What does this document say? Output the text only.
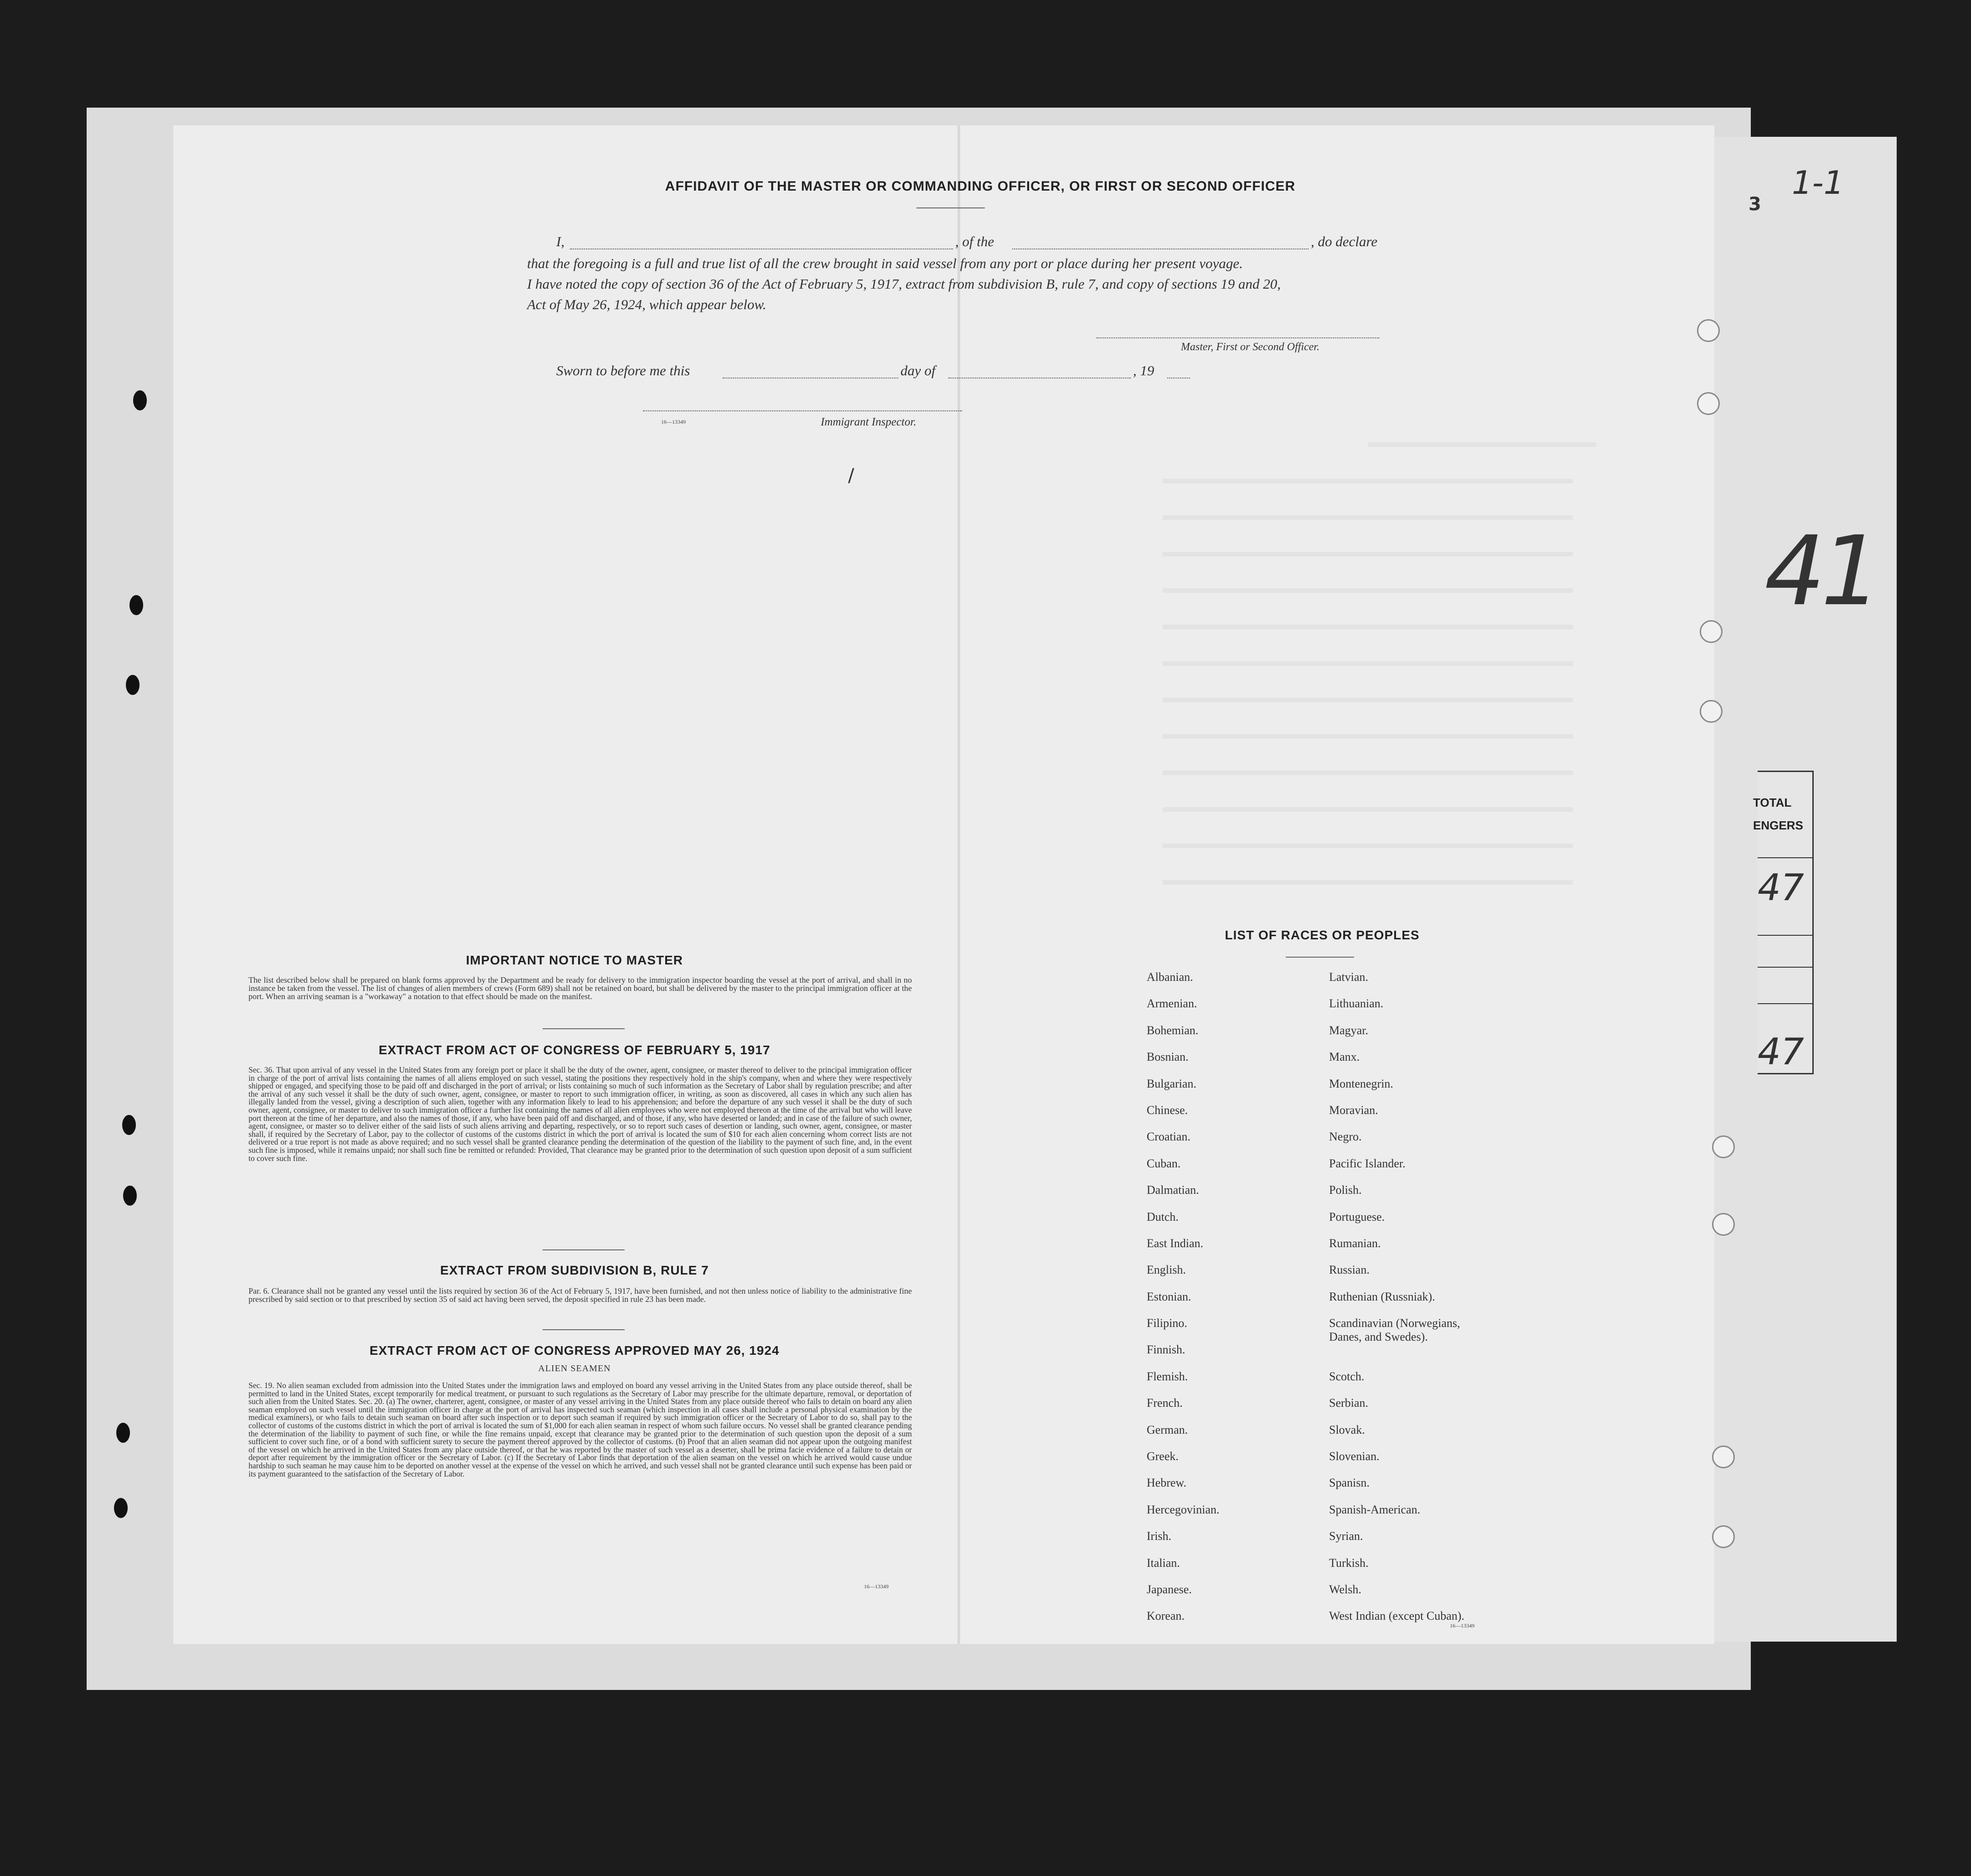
AFFIDAVIT OF THE MASTER OR COMMANDING OFFICER, OR FIRST OR SECOND OFFICER
I,	, of the	, do declare
that the foregoing is a full and true list of all the crew brought in said vessel from any port or place during her present voyage.
I have noted the copy of section 36 of the Act of February 5, 1917, extract from subdivision B, rule 7, and copy of sections 19 and 20,
Act of May 26, 1924, which appear below.
Master, First or Second Officer.
Sworn to before me this	day of	, 19
16—13349	Immigrant Inspector.
/
IMPORTANT NOTICE TO MASTER
The list described below shall be prepared on blank forms approved by the Department and be ready for delivery to the immigration inspector boarding the vessel at the port of arrival, and shall in no instance be taken from the vessel. The list of changes of alien members of crews (Form 689) shall not be retained on board, but shall be delivered by the master to the principal immigration officer at the port. When an arriving seaman is a "workaway" a notation to that effect should be made on the manifest.
EXTRACT FROM ACT OF CONGRESS OF FEBRUARY 5, 1917
Sec. 36. That upon arrival of any vessel in the United States from any foreign port or place it shall be the duty of the owner, agent, consignee, or master thereof to deliver to the principal immigration officer in charge of the port of arrival lists containing the names of all aliens employed on such vessel, stating the positions they respectively hold in the ship's company, when and where they were respectively shipped or engaged, and specifying those to be paid off and discharged in the port of arrival; or lists containing so much of such information as the Secretary of Labor shall by regulation prescribe; and after the arrival of any such vessel it shall be the duty of such owner, agent, consignee, or master to report to such immigration officer, in writing, as soon as discovered, all cases in which any such alien has illegally landed from the vessel, giving a description of such alien, together with any information likely to lead to his apprehension; and before the departure of any such vessel it shall be the duty of such owner, agent, consignee, or master to deliver to such immigration officer a further list containing the names of all alien employees who were not employed thereon at the time of the arrival but who will leave port thereon at the time of her departure, and also the names of those, if any, who have been paid off and discharged, and of those, if any, who have deserted or landed; and in case of the failure of such owner, agent, consignee, or master so to deliver either of the said lists of such aliens arriving and departing, respectively, or so to report such cases of desertion or landing, such owner, agent, consignee, or master shall, if required by the Secretary of Labor, pay to the collector of customs of the customs district in which the port of arrival is located the sum of $10 for each alien concerning whom correct lists are not delivered or a true report is not made as above required; and no such vessel shall be granted clearance pending the determination of the question of the liability to the payment of such fine, and, in the event such fine is imposed, while it remains unpaid; nor shall such fine be remitted or refunded: Provided, That clearance may be granted prior to the determination of such question upon deposit of a sum sufficient to cover such fine.
EXTRACT FROM SUBDIVISION B, RULE 7
Par. 6. Clearance shall not be granted any vessel until the lists required by section 36 of the Act of February 5, 1917, have been furnished, and not then unless notice of liability to the administrative fine prescribed by said section or to that prescribed by section 35 of said act having been served, the deposit specified in rule 23 has been made.
EXTRACT FROM ACT OF CONGRESS APPROVED MAY 26, 1924
ALIEN SEAMEN
Sec. 19. No alien seaman excluded from admission into the United States under the immigration laws and employed on board any vessel arriving in the United States from any place outside thereof, shall be permitted to land in the United States, except temporarily for medical treatment, or pursuant to such regulations as the Secretary of Labor may prescribe for the ultimate departure, removal, or deportation of such alien from the United States. Sec. 20. (a) The owner, charterer, agent, consignee, or master of any vessel arriving in the United States from any place outside thereof who fails to detain on board any alien seaman employed on such vessel until the immigration officer in charge at the port of arrival has inspected such seaman (which inspection in all cases shall include a personal physical examination by the medical examiners), or who fails to detain such seaman on board after such inspection or to deport such seaman if required by such immigration officer or the Secretary of Labor to do so, shall pay to the collector of customs of the customs district in which the port of arrival is located the sum of $1,000 for each alien seaman in respect of whom such failure occurs. No vessel shall be granted clearance pending the determination of the liability to payment of such fine, or while the fine remains unpaid, except that clearance may be granted prior to the determination of such question upon the deposit of a sum sufficient to cover such fine, or of a bond with sufficient surety to secure the payment thereof approved by the collector of customs. (b) Proof that an alien seaman did not appear upon the outgoing manifest of the vessel on which he arrived in the United States from any place outside thereof, or that he was reported by the master of such vessel as a deserter, shall be prima facie evidence of a failure to detain or deport after requirement by the immigration officer or the Secretary of Labor. (c) If the Secretary of Labor finds that deportation of the alien seaman on the vessel on which he arrived would cause undue hardship to such seaman he may cause him to be deported on another vessel at the expense of the vessel on which he arrived, and such vessel shall not be granted clearance until such expense has been paid or its payment guaranteed to the satisfaction of the Secretary of Labor.
16—13349
LIST OF RACES OR PEOPLES
Albanian.
Armenian.
Bohemian.
Bosnian.
Bulgarian.
Chinese.
Croatian.
Cuban.
Dalmatian.
Dutch.
East Indian.
English.
Estonian.
Filipino.
Finnish.
Flemish.
French.
German.
Greek.
Hebrew.
Hercegovinian.
Irish.
Italian.
Japanese.
Korean.
Latvian.
Lithuanian.
Magyar.
Manx.
Montenegrin.
Moravian.
Negro.
Pacific Islander.
Polish.
Portuguese.
Rumanian.
Russian.
Ruthenian (Russniak).
Scandinavian (Norwegians,
Danes, and Swedes).
Scotch.
Serbian.
Slovak.
Slovenian.
Spanisn.
Spanish-American.
Syrian.
Turkish.
Welsh.
West Indian (except Cuban).
16—13349
3
1-1
41
TOTAL
ENGERS
47
47
